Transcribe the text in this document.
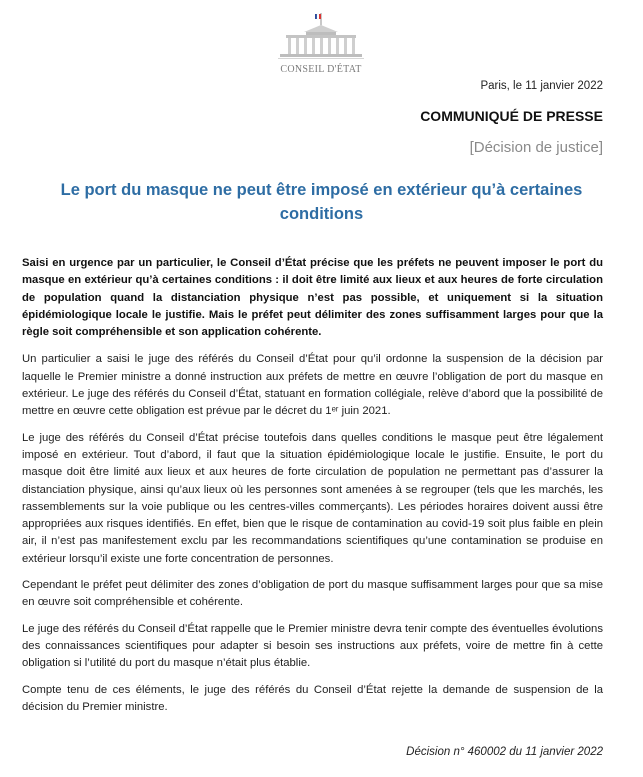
CONSEIL D'ÉTAT
Paris, le 11 janvier 2022
COMMUNIQUÉ DE PRESSE
[Décision de justice]
Le port du masque ne peut être imposé en extérieur qu’à certaines conditions

Saisi en urgence par un particulier, le Conseil d’État précise que les préfets ne peuvent imposer le port du masque en extérieur qu’à certaines conditions : il doit être limité aux lieux et aux heures de forte circulation de population quand la distanciation physique n’est pas possible, et uniquement si la situation épidémiologique locale le justifie. Mais le préfet peut délimiter des zones suffisamment larges pour que la règle soit compréhensible et son application cohérente.

Un particulier a saisi le juge des référés du Conseil d’État pour qu’il ordonne la suspension de la décision par laquelle le Premier ministre a donné instruction aux préfets de mettre en œuvre l’obligation de port du masque en extérieur. Le juge des référés du Conseil d’État, statuant en formation collégiale, relève d’abord que la possibilité de mettre en œuvre cette obligation est prévue par le décret du 1ᵉʳ juin 2021.

Le juge des référés du Conseil d’État précise toutefois dans quelles conditions le masque peut être légalement imposé en extérieur. Tout d’abord, il faut que la situation épidémiologique locale le justifie. Ensuite, le port du masque doit être limité aux lieux et aux heures de forte circulation de population ne permettant pas d’assurer la distanciation physique, ainsi qu’aux lieux où les personnes sont amenées à se regrouper (tels que les marchés, les rassemblements sur la voie publique ou les centres-villes commerçants). Les périodes horaires doivent aussi être appropriées aux risques identifiés. En effet, bien que le risque de contamination au covid-19 soit plus faible en plein air, il n’est pas manifestement exclu par les recommandations scientifiques qu’une contamination se produise en extérieur lorsqu’il existe une forte concentration de personnes.

Cependant le préfet peut délimiter des zones d’obligation de port du masque suffisamment larges pour que sa mise en œuvre soit compréhensible et cohérente.

Le juge des référés du Conseil d’État rappelle que le Premier ministre devra tenir compte des éventuelles évolutions des connaissances scientifiques pour adapter si besoin ses instructions aux préfets, voire de mettre fin à cette obligation si l’utilité du port du masque n’était plus établie.

Compte tenu de ces éléments, le juge des référés du Conseil d’État rejette la demande de suspension de la décision du Premier ministre.

Décision n° 460002 du 11 janvier 2022
